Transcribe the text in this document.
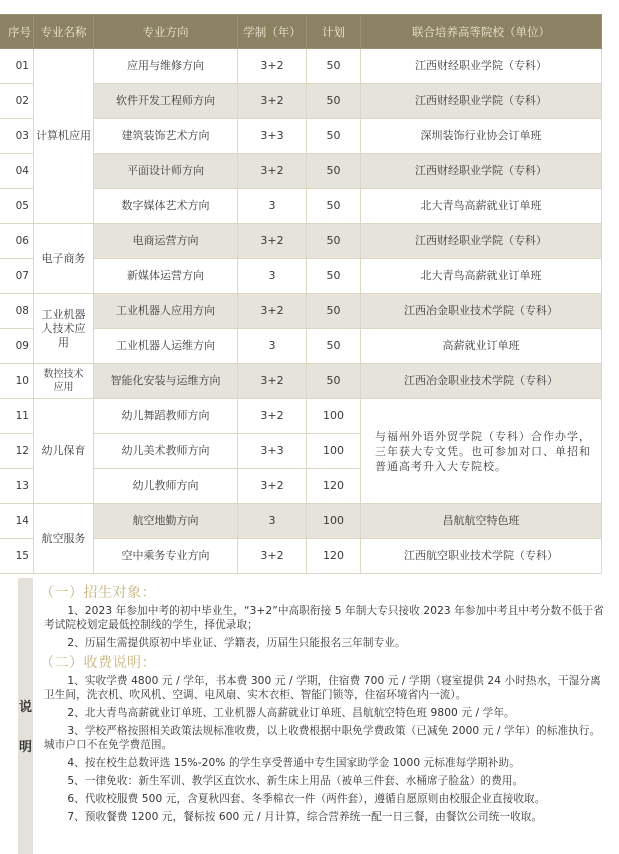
序号	专业名称	专业方向	学制（年）	计划	联合培养高等院校（单位）
01	计算机应用	应用与维修方向	3+2	50	江西财经职业学院（专科）
02		软件开发工程师方向	3+2	50	江西财经职业学院（专科）
03		建筑装饰艺术方向	3+3	50	深圳装饰行业协会订单班
04		平面设计师方向	3+2	50	江西财经职业学院（专科）
05		数字媒体艺术方向	3	50	北大青鸟高薪就业订单班
06	电子商务	电商运营方向	3+2	50	江西财经职业学院（专科）
07		新媒体运营方向	3	50	北大青鸟高薪就业订单班
08	工业机器人技术应用	工业机器人应用方向	3+2	50	江西冶金职业技术学院（专科）
09		工业机器人运维方向	3	50	高薪就业订单班
10	数控技术应用	智能化安装与运维方向	3+2	50	江西冶金职业技术学院（专科）
11	幼儿保育	幼儿舞蹈教师方向	3+2	100	与福州外语外贸学院（专科）合作办学，三年获大专文凭。也可参加对口、单招和普通高考升入大专院校。
12		幼儿美术教师方向	3+3	100	
13		幼儿教师方向	3+2	120	
14	航空服务	航空地勤方向	3	100	昌航航空特色班
15		空中乘务专业方向	3+2	120	江西航空职业技术学院（专科）
说
明
（一）招生对象：

1、2023 年参加中考的初中毕业生，“3+2”中高职衔接 5 年制大专只接收 2023 年参加中考且中考分数不低于省考试院校划定最低控制线的学生，择优录取；

2、历届生需提供原初中毕业证、学籍表，历届生只能报名三年制专业。

（二）收费说明：

1、实收学费 4800 元 / 学年，书本费 300 元 / 学期，住宿费 700 元 / 学期（寝室提供 24 小时热水，干湿分离卫生间，洗衣机、吹风机、空调、电风扇、实木衣柜、智能门锁等，住宿环境省内一流）。

2、北大青鸟高薪就业订单班、工业机器人高薪就业订单班、昌航航空特色班 9800 元 / 学年。

3、学校严格按照相关政策法规标准收费，以上收费根据中职免学费政策（已减免 2000 元 / 学年）的标准执行。城市户口不在免学费范围。

4、按在校生总数评选 15%-20% 的学生享受普通中专生国家助学金 1000 元标准每学期补助。

5、一律免收：新生军训、教学区直饮水、新生床上用品（被单三件套、水桶席子脸盆）的费用。

6、代收校服费 500 元，含夏秋四套、冬季棉衣一件（两件套），遵循自愿原则由校服企业直接收取。

7、预收餐费 1200 元，餐标按 600 元 / 月计算，综合营养统一配一日三餐，由餐饮公司统一收取。
